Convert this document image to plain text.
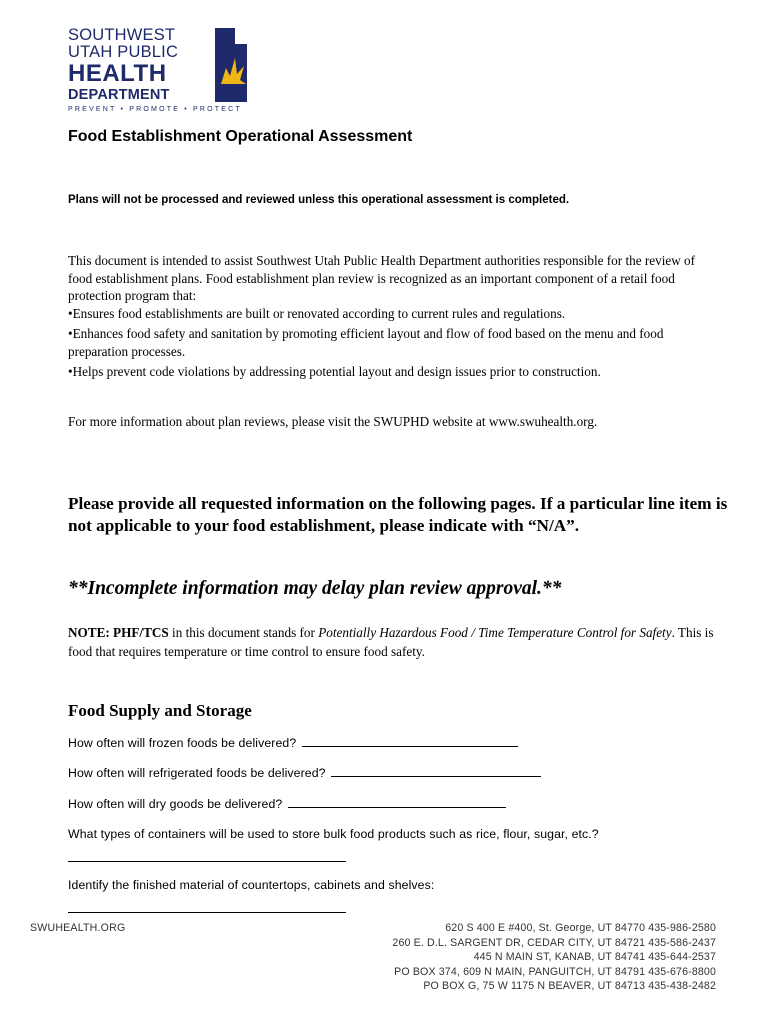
SOUTHWEST
UTAH PUBLIC
HEALTH
DEPARTMENT
PREVENT • PROMOTE • PROTECT
Food Establishment Operational Assessment
Plans will not be processed and reviewed unless this operational assessment is completed.

This document is intended to assist Southwest Utah Public Health Department authorities responsible for the review of food establishment plans. Food establishment plan review is recognized as an important component of a retail food protection program that:

•Ensures food establishments are built or renovated according to current rules and regulations.

•Enhances food safety and sanitation by promoting efficient layout and flow of food based on the menu and food preparation processes.

•Helps prevent code violations by addressing potential layout and design issues prior to construction.

For more information about plan reviews, please visit the SWUPHD website at www.swuhealth.org.
Please provide all requested information on the following pages. If a particular line item is not applicable to your food establishment, please indicate with “N/A”.
**Incomplete information may delay plan review approval.**
NOTE: PHF/TCS in this document stands for Potentially Hazardous Food / Time Temperature Control for Safety. This is food that requires temperature or time control to ensure food safety.
Food Supply and Storage
How often will frozen foods be delivered?
How often will refrigerated foods be delivered?
How often will dry goods be delivered?
What types of containers will be used to store bulk food products such as rice, flour, sugar, etc.?
Identify the finished material of countertops, cabinets and shelves:
SWUHEALTH.ORG	620 S 400 E #400, St. George, UT 84770 435-986-2580
260 E. D.L. SARGENT DR, CEDAR CITY, UT 84721 435-586-2437
445 N MAIN ST, KANAB, UT 84741 435-644-2537
PO BOX 374, 609 N MAIN, PANGUITCH, UT 84791 435-676-8800
PO BOX G, 75 W 1175 N BEAVER, UT 84713 435-438-2482
